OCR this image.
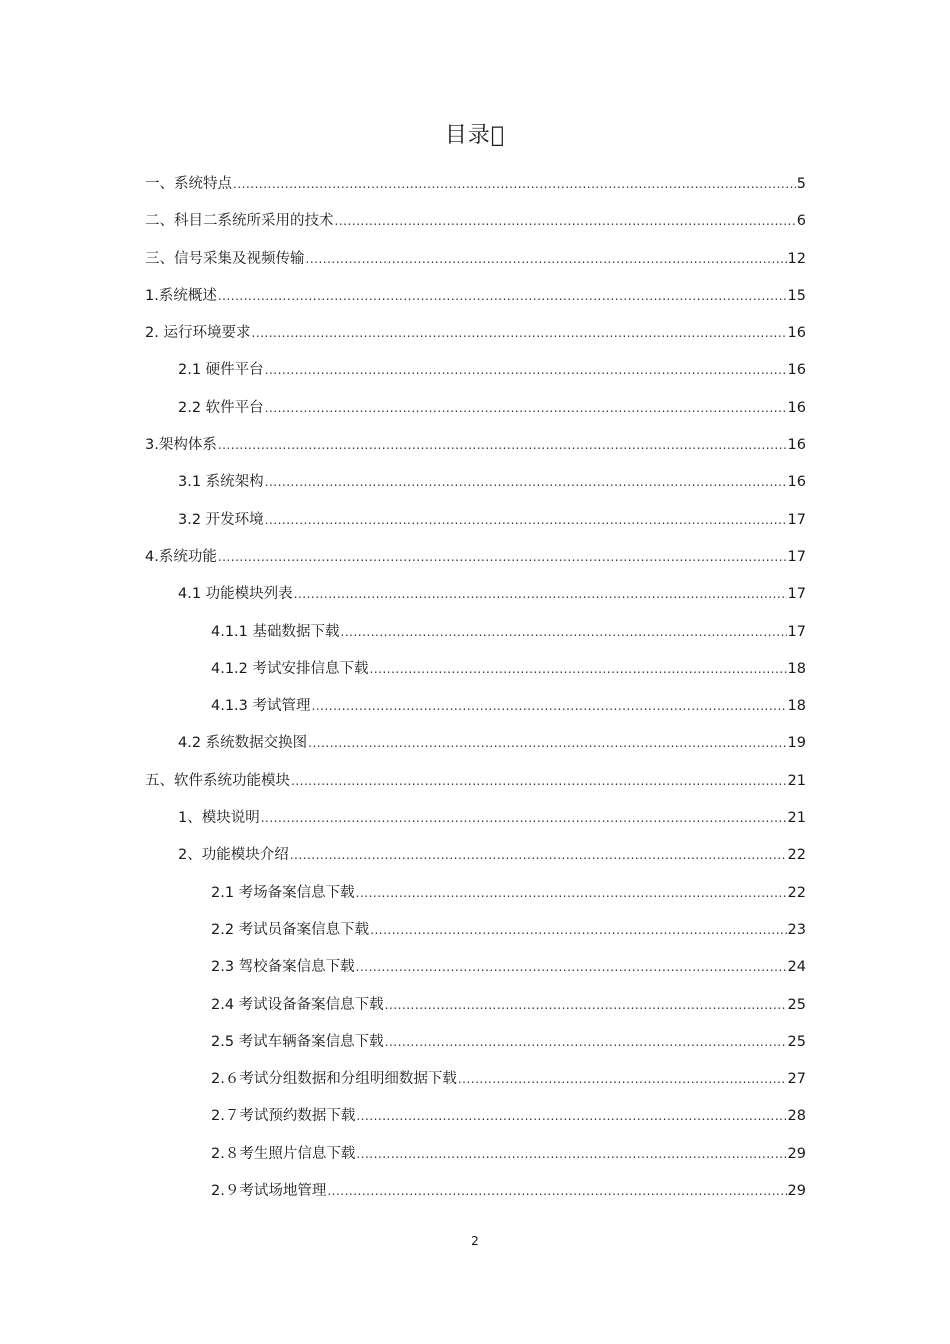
目录 
一、系统特点 .....	5
二、科目二系统所采用的技术 .....	6
三、信号采集及视频传输 .....	12
1.系统概述 .....	15
2. 运行环境要求 .....	16
2.1 硬件平台 .....	16
2.2 软件平台 .....	16
3.架构体系 .....	16
3.1 系统架构 .....	16
3.2 开发环境 .....	17
4.系统功能 .....	17
4.1 功能模块列表 .....	17
4.1.1 基础数据下载 .....	17
4.1.2 考试安排信息下载 .....	18
4.1.3 考试管理 .....	18
4.2 系统数据交换图 .....	19
五、软件系统功能模块 .....	21
1、模块说明 .....	21
2、功能模块介绍 .....	22
2.1 考场备案信息下载 .....	22
2.2 考试员备案信息下载 .....	23
2.3 驾校备案信息下载 .....	24
2.4 考试设备备案信息下载 .....	25
2.5 考试车辆备案信息下载 .....	25
2.６考试分组数据和分组明细数据下载 .....	27
2.７考试预约数据下载 .....	28
2.８考生照片信息下载 .....	29
2.９考试场地管理 .....	29
2
